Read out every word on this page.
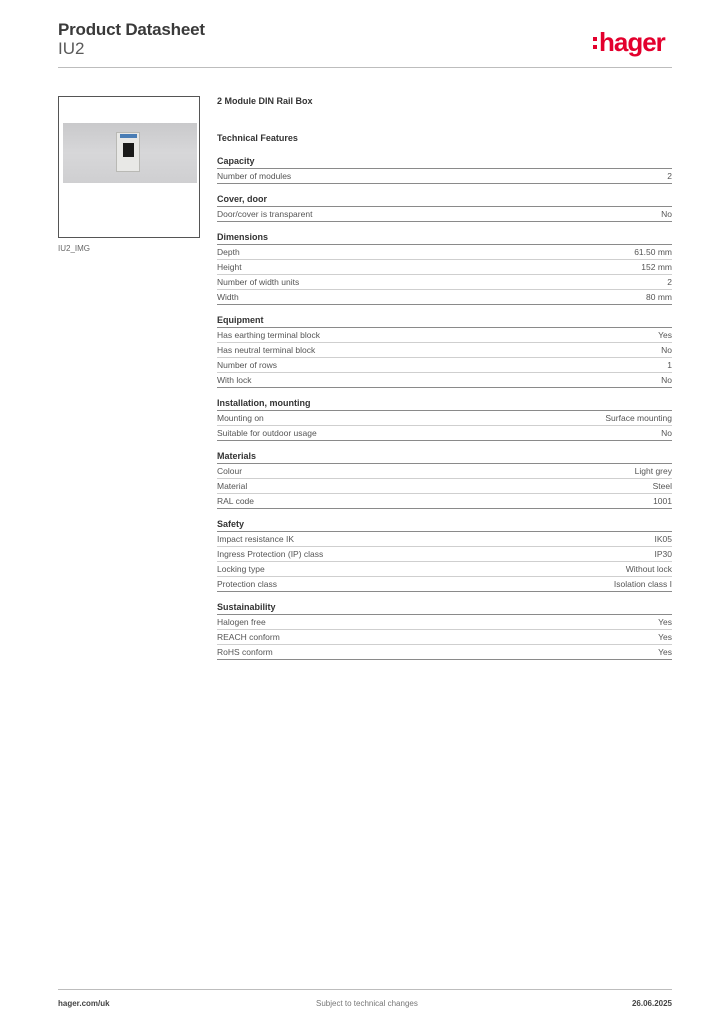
Product Datasheet
IU2	hager
IU2_IMG
2 Module DIN Rail Box
Technical Features
Capacity
Number of modules	2
Cover, door
Door/cover is transparent	No
Dimensions
Depth	61.50 mm
Height	152 mm
Number of width units	2
Width	80 mm
Equipment
Has earthing terminal block	Yes
Has neutral terminal block	No
Number of rows	1
With lock	No
Installation, mounting
Mounting on	Surface mounting
Suitable for outdoor usage	No
Materials
Colour	Light grey
Material	Steel
RAL code	1001
Safety
Impact resistance IK	IK05
Ingress Protection (IP) class	IP30
Locking type	Without lock
Protection class	Isolation class I
Sustainability
Halogen free	Yes
REACH conform	Yes
RoHS conform	Yes
hager.com/uk	Subject to technical changes	26.06.2025
